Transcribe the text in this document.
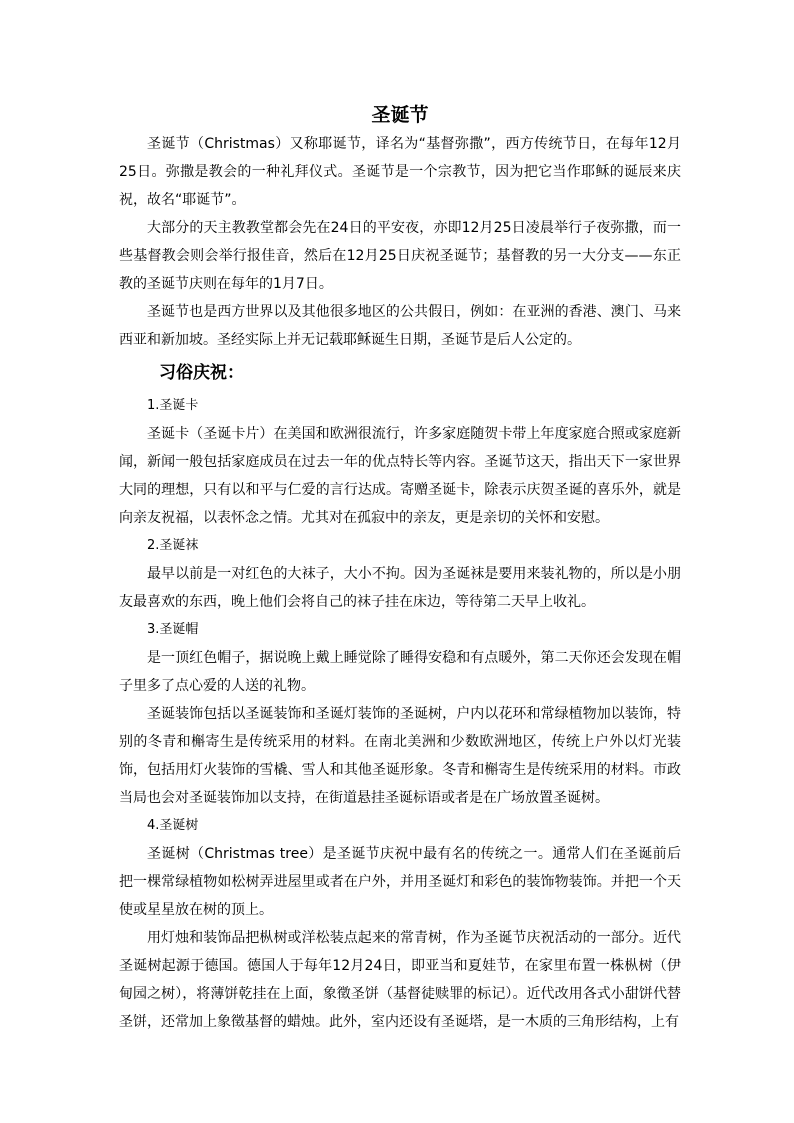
圣诞节

圣诞节（Christmas）又称耶诞节，译名为“基督弥撒”，西方传统节日，在每年12月25日。弥撒是教会的一种礼拜仪式。圣诞节是一个宗教节，因为把它当作耶稣的诞辰来庆祝，故名“耶诞节”。

大部分的天主教教堂都会先在24日的平安夜，亦即12月25日凌晨举行子夜弥撒，而一些基督教会则会举行报佳音，然后在12月25日庆祝圣诞节；基督教的另一大分支——东正教的圣诞节庆则在每年的1月7日。

圣诞节也是西方世界以及其他很多地区的公共假日，例如：在亚洲的香港、澳门、马来西亚和新加坡。圣经实际上并无记载耶稣诞生日期，圣诞节是后人公定的。

习俗庆祝：

1.圣诞卡

圣诞卡（圣诞卡片）在美国和欧洲很流行，许多家庭随贺卡带上年度家庭合照或家庭新闻，新闻一般包括家庭成员在过去一年的优点特长等内容。圣诞节这天，指出天下一家世界大同的理想，只有以和平与仁爱的言行达成。寄赠圣诞卡，除表示庆贺圣诞的喜乐外，就是向亲友祝福，以表怀念之情。尤其对在孤寂中的亲友，更是亲切的关怀和安慰。

2.圣诞袜

最早以前是一对红色的大袜子，大小不拘。因为圣诞袜是要用来装礼物的，所以是小朋友最喜欢的东西，晚上他们会将自己的袜子挂在床边，等待第二天早上收礼。

3.圣诞帽

是一顶红色帽子，据说晚上戴上睡觉除了睡得安稳和有点暖外，第二天你还会发现在帽子里多了点心爱的人送的礼物。

圣诞装饰包括以圣诞装饰和圣诞灯装饰的圣诞树，户内以花环和常绿植物加以装饰，特别的冬青和槲寄生是传统采用的材料。在南北美洲和少数欧洲地区，传统上户外以灯光装饰，包括用灯火装饰的雪橇、雪人和其他圣诞形象。冬青和槲寄生是传统采用的材料。市政当局也会对圣诞装饰加以支持，在街道悬挂圣诞标语或者是在广场放置圣诞树。

4.圣诞树

圣诞树（Christmas tree）是圣诞节庆祝中最有名的传统之一。通常人们在圣诞前后把一棵常绿植物如松树弄进屋里或者在户外，并用圣诞灯和彩色的装饰物装饰。并把一个天使或星星放在树的顶上。

用灯烛和装饰品把枞树或洋松装点起来的常青树，作为圣诞节庆祝活动的一部分。近代圣诞树起源于德国。德国人于每年12月24日，即亚当和夏娃节，在家里布置一株枞树（伊甸园之树），将薄饼乾挂在上面，象徵圣饼（基督徒赎罪的标记）。近代改用各式小甜饼代替圣饼，还常加上象徵基督的蜡烛。此外，室内还设有圣诞塔，是一木质的三角形结构，上有
